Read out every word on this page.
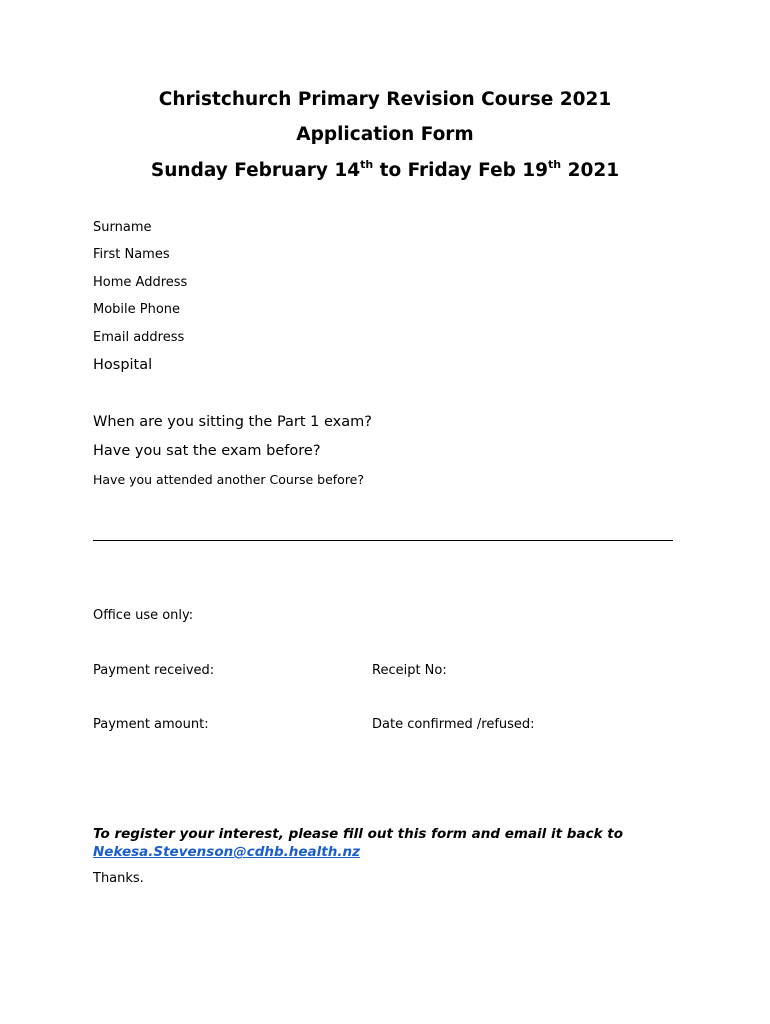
Christchurch Primary Revision Course 2021
Application Form
Sunday February 14th to Friday Feb 19th 2021
Surname
First Names
Home Address
Mobile Phone
Email address
Hospital
When are you sitting the Part 1 exam?
Have you sat the exam before?
Have you attended another Course before?
Office use only:
Payment received:	Receipt No:
Payment amount:	Date confirmed /refused:
To register your interest, please fill out this form and email it back to
Nekesa.Stevenson@cdhb.health.nz
Thanks.
